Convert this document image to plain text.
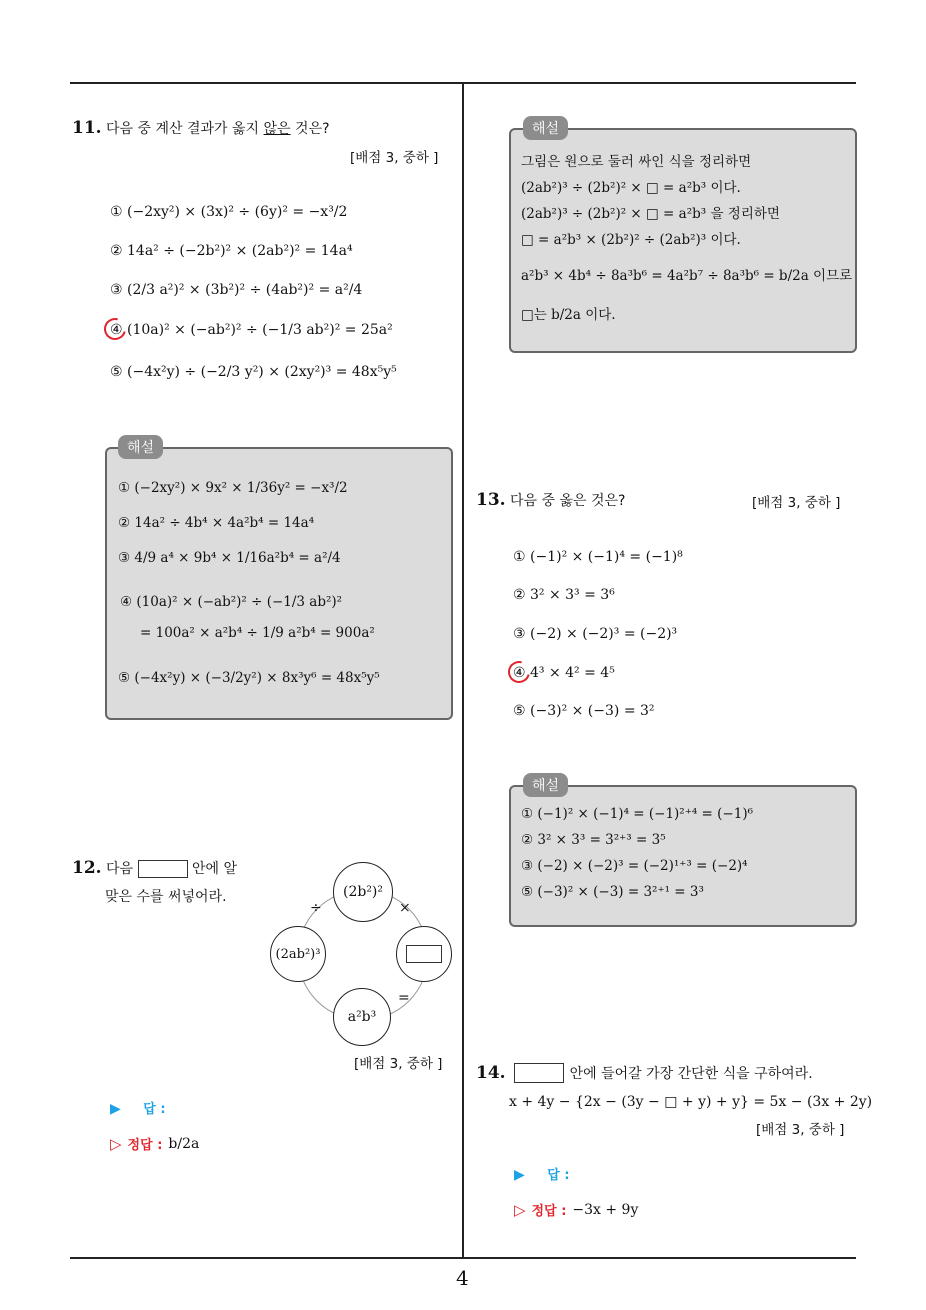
11. 다음 중 계산 결과가 옳지 않은 것은?
[배점 3, 중하 ]
① (−2xy²) × (3x)² ÷ (6y)² = −x³/2
② 14a² ÷ (−2b²)² × (2ab²)² = 14a⁴
③ (2/3 a²)² × (3b²)² ÷ (4ab²)² = a²/4
④ (10a)² × (−ab²)² ÷ (−1/3 ab²)² = 25a²
⑤ (−4x²y) ÷ (−2/3 y²) × (2xy²)³ = 48x⁵y⁵
해설
① (−2xy²) × 9x² × 1/36y² = −x³/2
② 14a² ÷ 4b⁴ × 4a²b⁴ = 14a⁴
③ 4/9 a⁴ × 9b⁴ × 1/16a²b⁴ = a²/4
④ (10a)² × (−ab²)² ÷ (−1/3 ab²)²
= 100a² × a²b⁴ ÷ 1/9 a²b⁴ = 900a²
⑤ (−4x²y) × (−3/2y²) × 8x³y⁶ = 48x⁵y⁵
12. 다음	안에 알
맞은 수를 써넣어라.	(2b²)²
(2ab²)³
a²b³
÷	×
=
[배점 3, 중하 ]
▶ 답 :
▷ 정답 : b/2a
해설
그림은 원으로 둘러 싸인 식을 정리하면
(2ab²)³ ÷ (2b²)² × □ = a²b³ 이다.
(2ab²)³ ÷ (2b²)² × □ = a²b³ 을 정리하면
□ = a²b³ × (2b²)² ÷ (2ab²)³ 이다.
a²b³ × 4b⁴ ÷ 8a³b⁶ = 4a²b⁷ ÷ 8a³b⁶ = b/2a 이므로
□는 b/2a 이다.
13. 다음 중 옳은 것은?	[배점 3, 중하 ]
① (−1)² × (−1)⁴ = (−1)⁸
② 3² × 3³ = 3⁶
③ (−2) × (−2)³ = (−2)³
④ 4³ × 4² = 4⁵
⑤ (−3)² × (−3) = 3²
해설
① (−1)² × (−1)⁴ = (−1)²⁺⁴ = (−1)⁶
② 3² × 3³ = 3²⁺³ = 3⁵
③ (−2) × (−2)³ = (−2)¹⁺³ = (−2)⁴
⑤ (−3)² × (−3) = 3²⁺¹ = 3³
14.	안에 들어갈 가장 간단한 식을 구하여라.
x + 4y − {2x − (3y − □ + y) + y} = 5x − (3x + 2y)
[배점 3, 중하 ]
▶ 답 :
▷ 정답 : −3x + 9y
4
